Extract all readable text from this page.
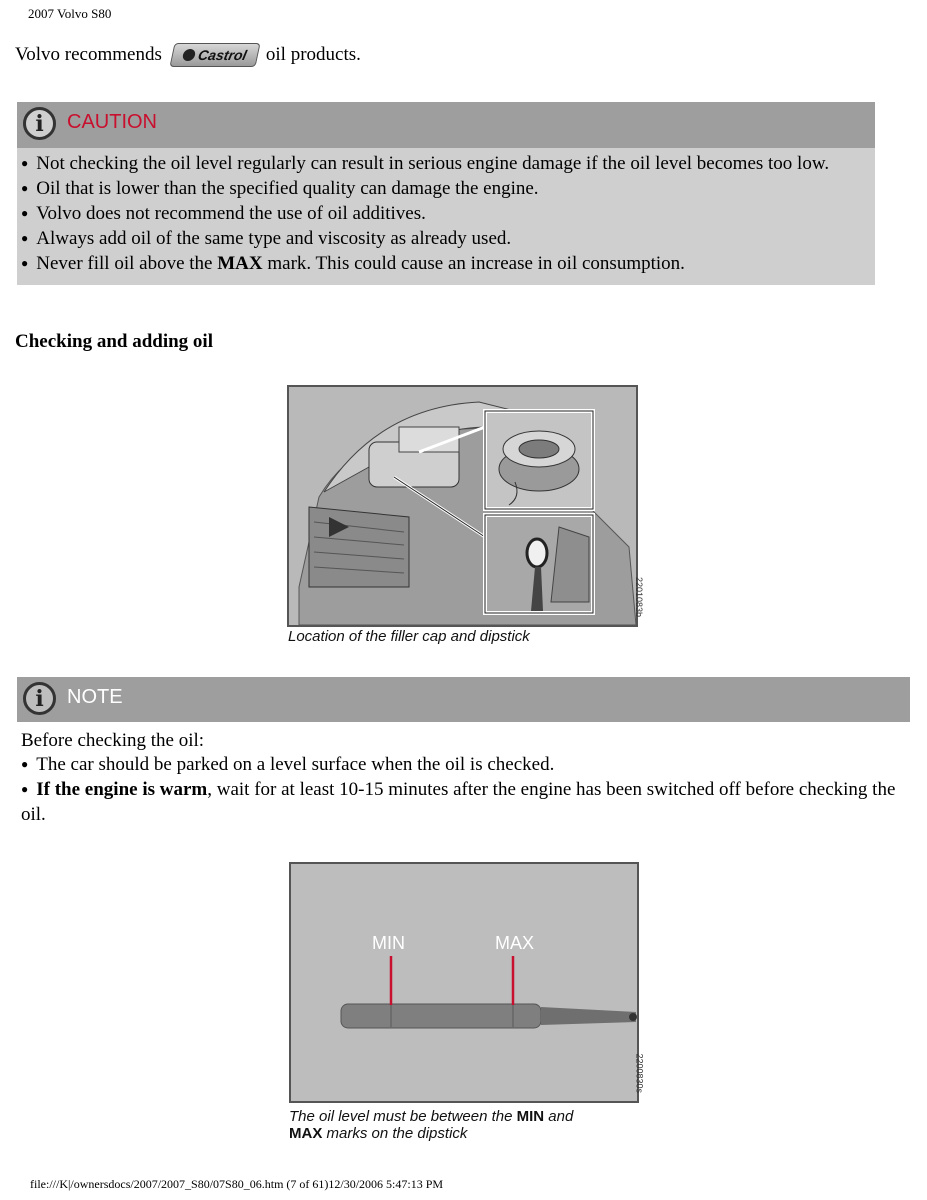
2007 Volvo S80
Volvo recommends Castrol oil products.
i	CAUTION
● Not checking the oil level regularly can result in serious engine damage if the oil level becomes too low.
● Oil that is lower than the specified quality can damage the engine.
● Volvo does not recommend the use of oil additives.
● Always add oil of the same type and viscosity as already used.
● Never fill oil above the MAX mark. This could cause an increase in oil consumption.
Checking and adding oil
2201083b
Location of the filler cap and dipstick
i	NOTE
Before checking the oil:
● The car should be parked on a level surface when the oil is checked.
● If the engine is warm, wait for at least 10-15 minutes after the engine has been switched off before checking the oil.
MIN	MAX
2200830s
The oil level must be between the MIN and
MAX marks on the dipstick
file:///K|/ownersdocs/2007/2007_S80/07S80_06.htm (7 of 61)12/30/2006 5:47:13 PM
